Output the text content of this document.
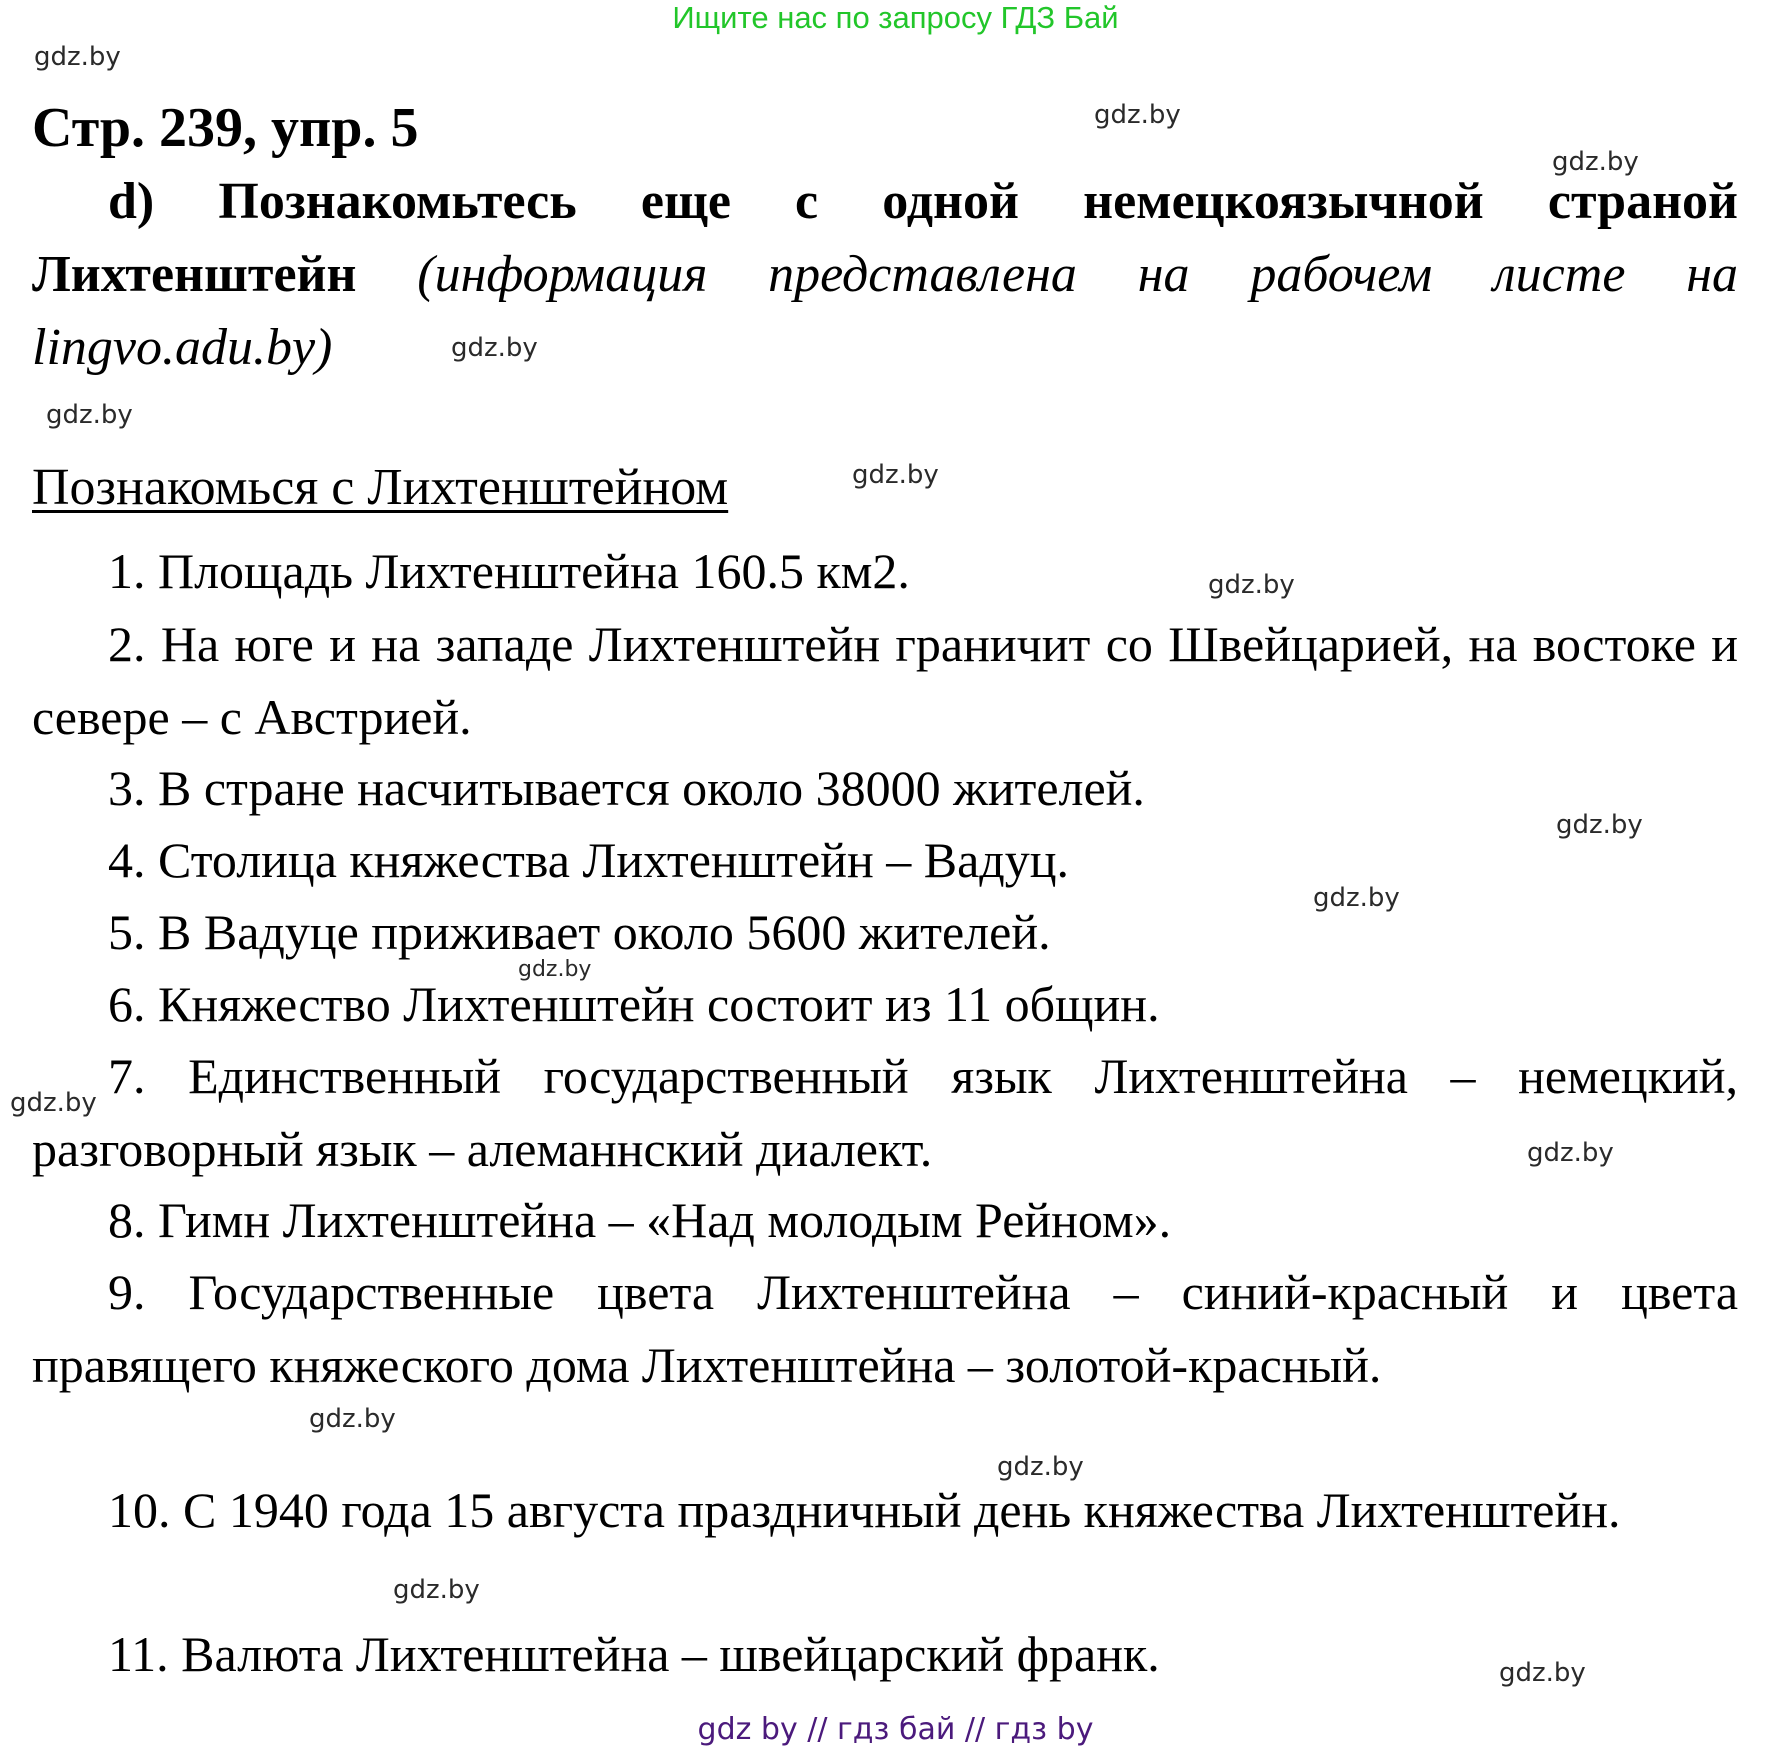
Ищите нас по запросу ГДЗ Бай
Стр. 239, упр. 5
d) Познакомьтесь еще с одной немецкоязычной страной Лихтенштейн (информация представлена на рабочем листе на lingvo.adu.by)
Познакомься с Лихтенштейном
1. Площадь Лихтенштейна 160.5 км2.
2. На юге и на западе Лихтенштейн граничит со Швейцарией, на востоке и севере – с Австрией.
3. В стране насчитывается около 38000 жителей.
4. Столица княжества Лихтенштейн – Вадуц.
5. В Вадуце приживает около 5600 жителей.
6. Княжество Лихтенштейн состоит из 11 общин.
7. Единственный государственный язык Лихтенштейна – немецкий, разговорный язык – алеманнский диалект.
8. Гимн Лихтенштейна – «Над молодым Рейном».
9. Государственные цвета Лихтенштейна – синий-красный и цвета правящего княжеского дома Лихтенштейна – золотой-красный.
10. С 1940 года 15 августа праздничный день княжества Лихтенштейн.
11. Валюта Лихтенштейна – швейцарский франк.
gdz.by
gdz.by
gdz.by
gdz.by
gdz.by
gdz.by
gdz.by
gdz.by
gdz.by
gdz.by
gdz.by
gdz.by
gdz.by
gdz.by
gdz.by
gdz.by
gdz by // гдз бай // гдз by
